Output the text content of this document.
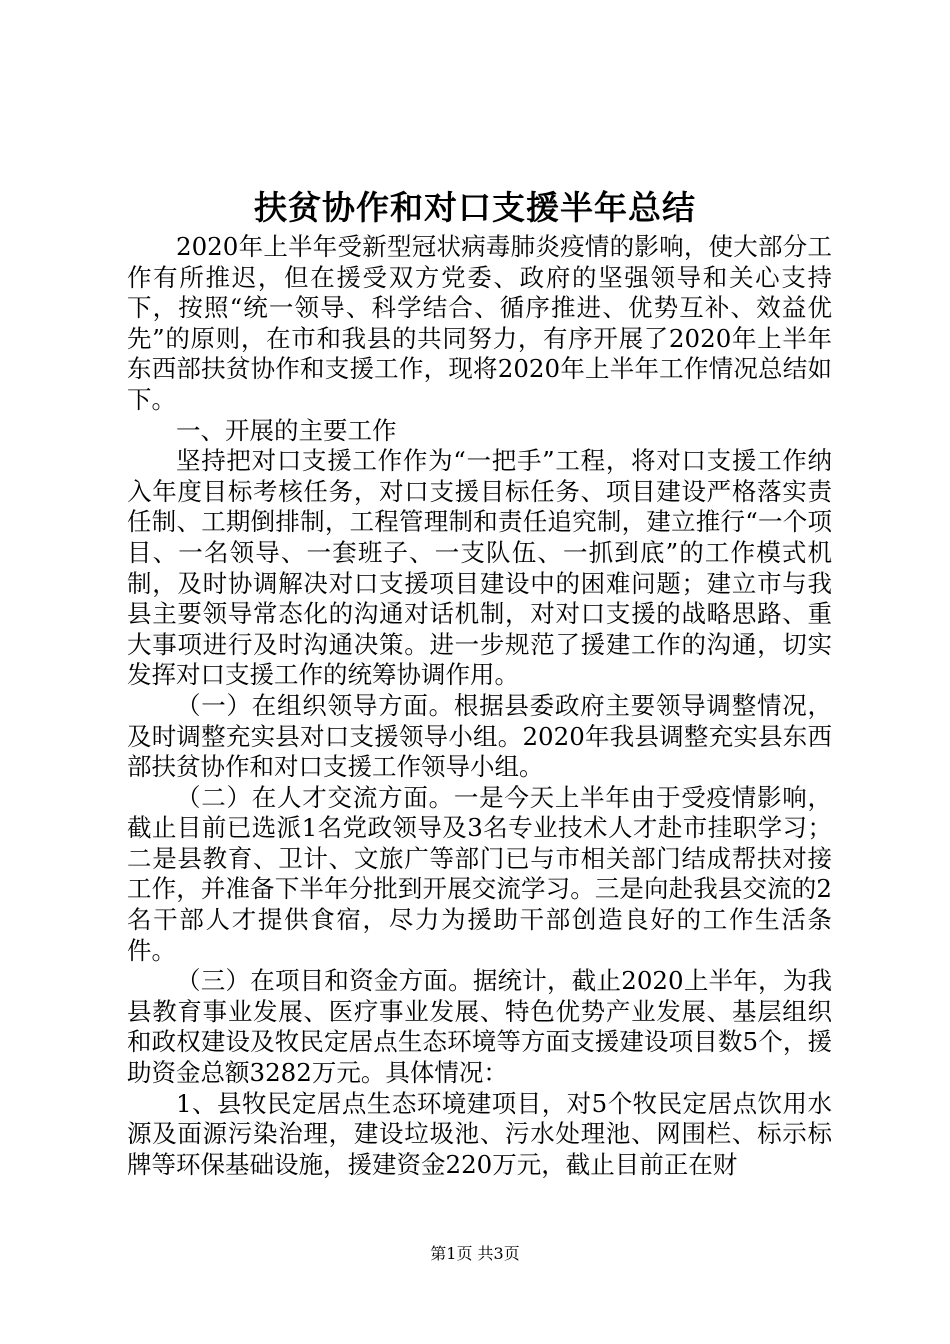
扶贫协作和对口支援半年总结

2020年上半年受新型冠状病毒肺炎疫情的影响，使大部分工作有所推迟，但在援受双方党委、政府的坚强领导和关心支持下，按照“统一领导、科学结合、循序推进、优势互补、效益优先”的原则，在市和我县的共同努力，有序开展了2020年上半年东西部扶贫协作和支援工作，现将2020年上半年工作情况总结如下。

一、开展的主要工作

坚持把对口支援工作作为“一把手”工程，将对口支援工作纳入年度目标考核任务，对口支援目标任务、项目建设严格落实责任制、工期倒排制，工程管理制和责任追究制，建立推行“一个项目、一名领导、一套班子、一支队伍、一抓到底”的工作模式机制，及时协调解决对口支援项目建设中的困难问题；建立市与我县主要领导常态化的沟通对话机制，对对口支援的战略思路、重大事项进行及时沟通决策。进一步规范了援建工作的沟通，切实发挥对口支援工作的统筹协调作用。

（一）在组织领导方面。根据县委政府主要领导调整情况，及时调整充实县对口支援领导小组。2020年我县调整充实县东西部扶贫协作和对口支援工作领导小组。

（二）在人才交流方面。一是今天上半年由于受疫情影响，截止目前已选派1名党政领导及3名专业技术人才赴市挂职学习；二是县教育、卫计、文旅广等部门已与市相关部门结成帮扶对接工作，并准备下半年分批到开展交流学习。三是向赴我县交流的2名干部人才提供食宿，尽力为援助干部创造良好的工作生活条件。

（三）在项目和资金方面。据统计，截止2020上半年，为我县教育事业发展、医疗事业发展、特色优势产业发展、基层组织和政权建设及牧民定居点生态环境等方面支援建设项目数5个，援助资金总额3282万元。具体情况：

1、县牧民定居点生态环境建项目，对5个牧民定居点饮用水源及面源污染治理，建设垃圾池、污水处理池、网围栏、标示标牌等环保基础设施，援建资金220万元，截止目前正在财

第1页 共3页
